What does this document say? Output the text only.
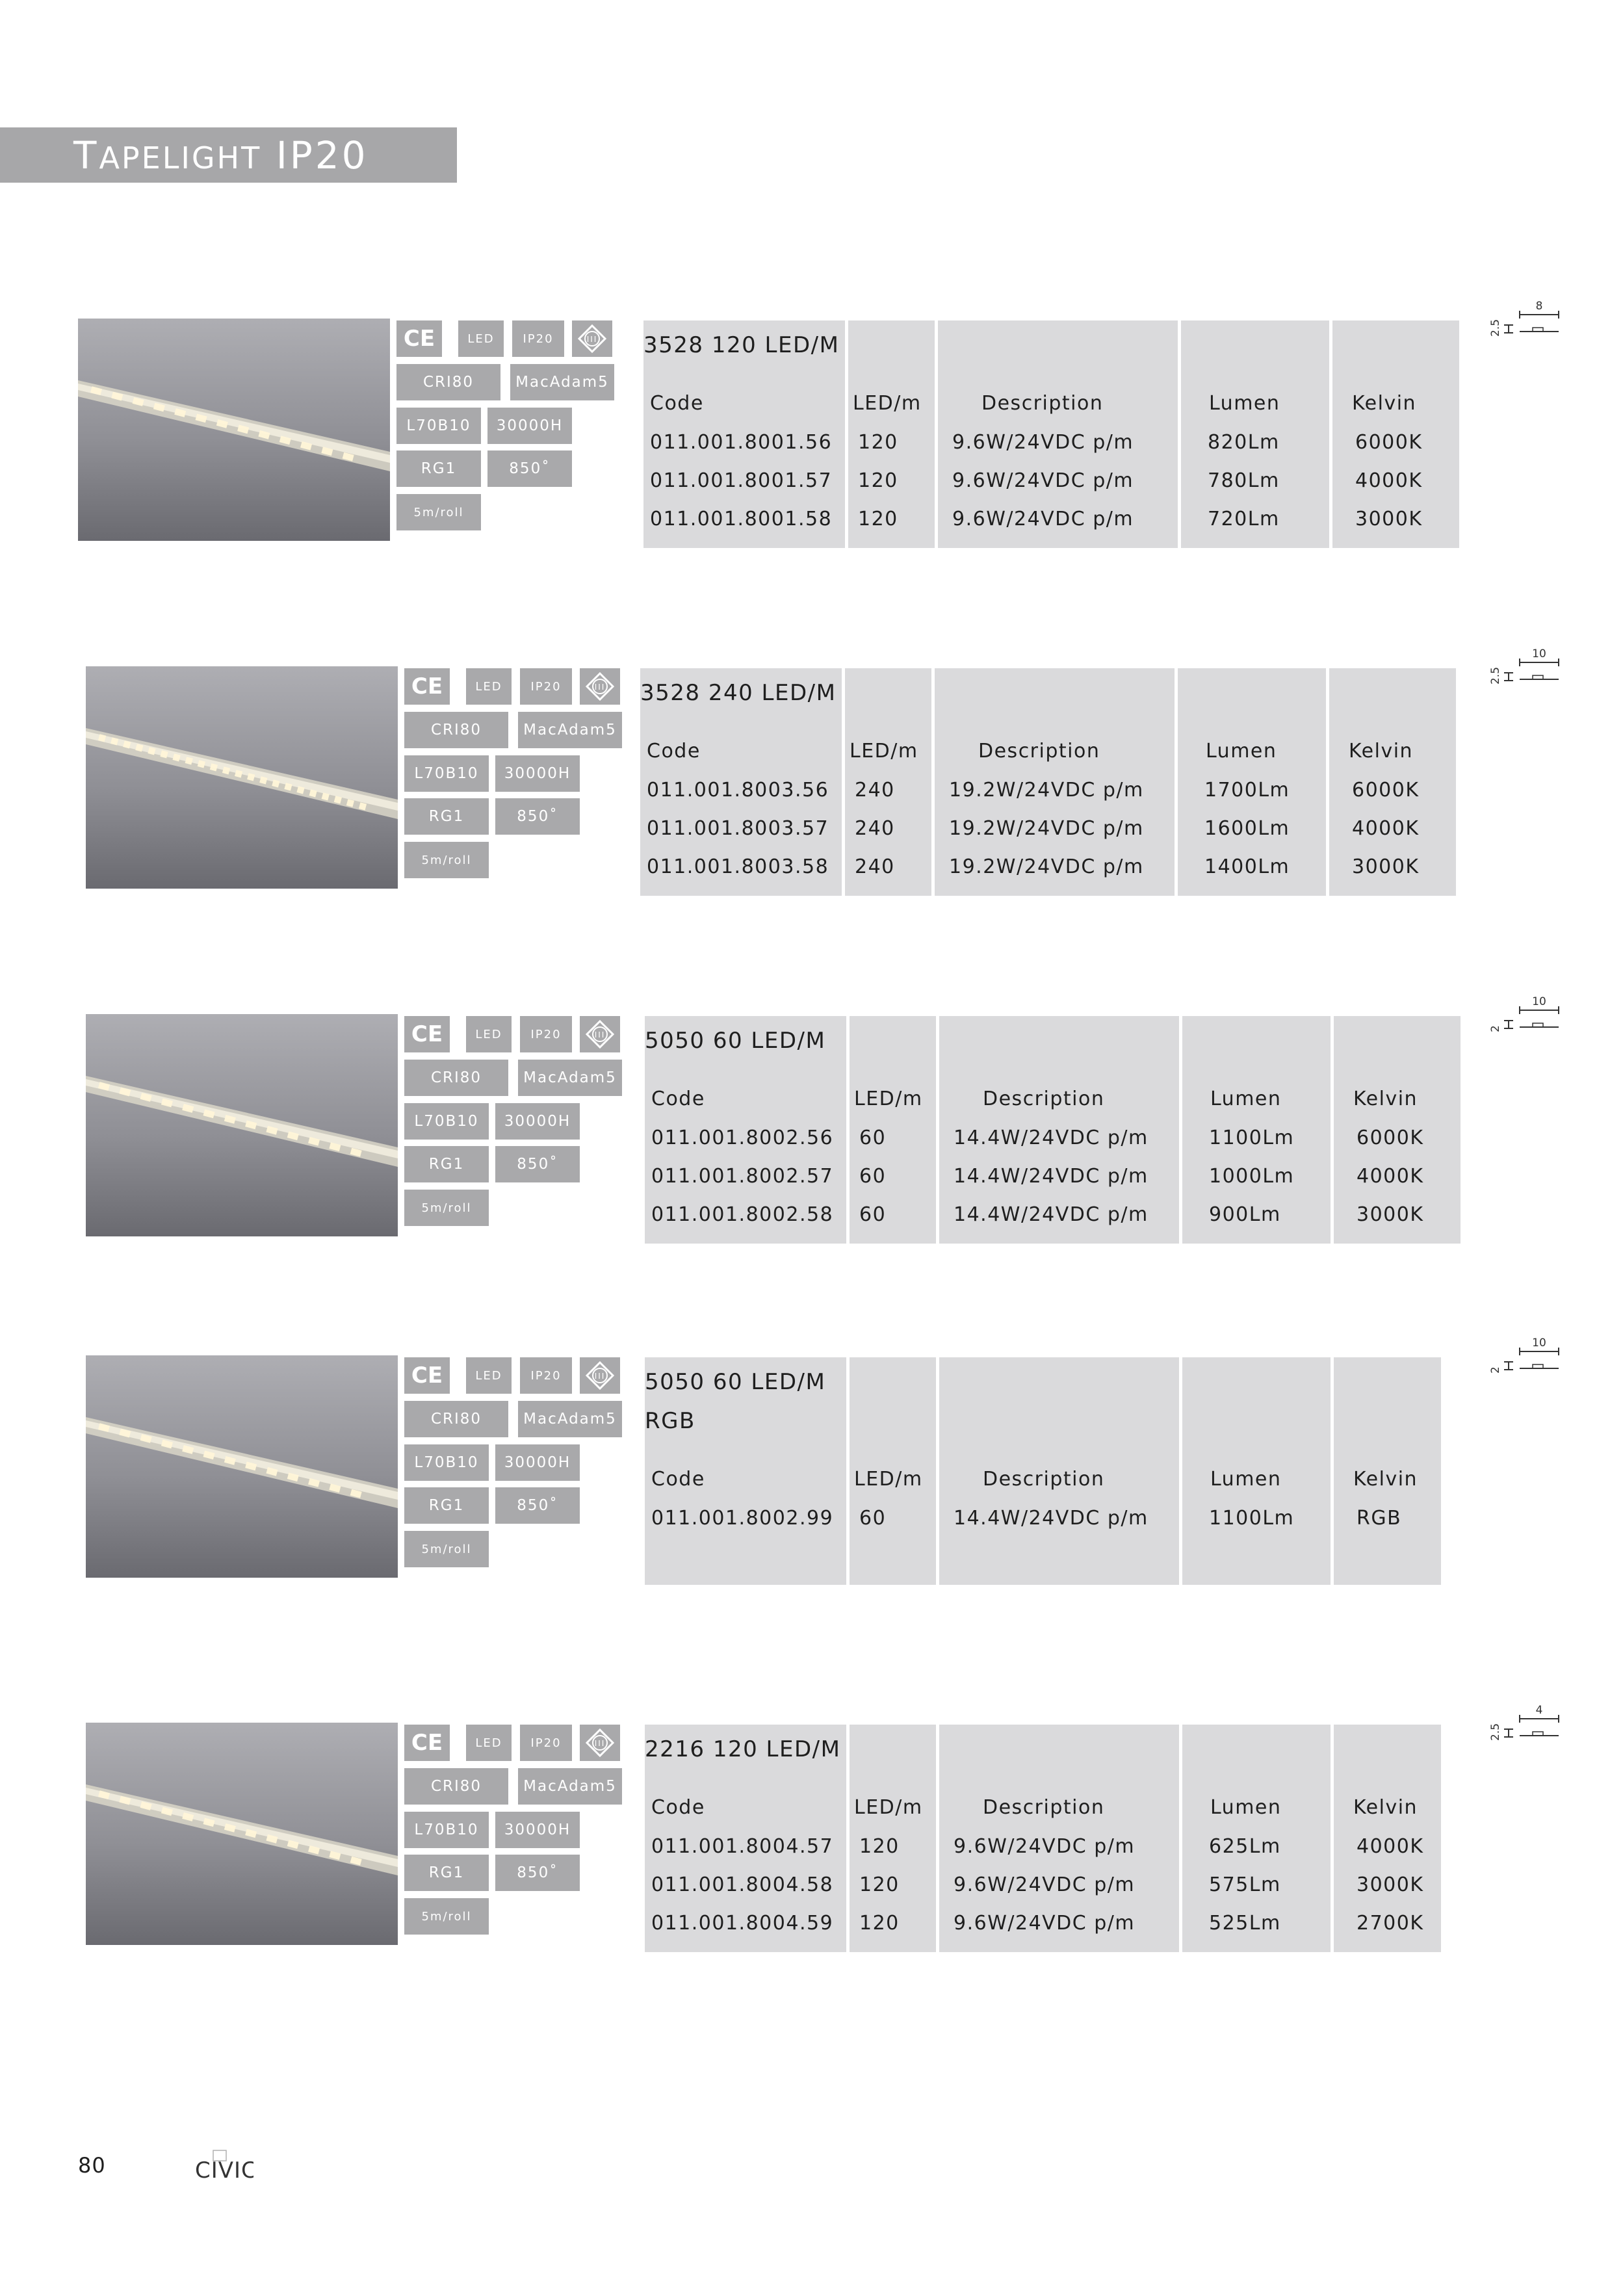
TAPELIGHT IP20
CE	LED	IP20	III
CRI80	MacAdam5
L70B10	30000H
RG1	850˚
5m/roll
3528 120 LED/M
Code	LED/m	Description	Lumen	Kelvin
011.001.8001.56 120	9.6W/24VDC p/m	820Lm	6000K
011.001.8001.57 120	9.6W/24VDC p/m	780Lm	4000K
011.001.8001.58 120	9.6W/24VDC p/m	720Lm	3000K
8
2.5
CE	LED	IP20	III
CRI80	MacAdam5
L70B10	30000H
RG1	850˚
5m/roll
3528 240 LED/M
Code	LED/m	Description	Lumen	Kelvin
011.001.8003.56 240	19.2W/24VDC p/m	1700Lm	6000K
011.001.8003.57 240	19.2W/24VDC p/m	1600Lm	4000K
011.001.8003.58 240	19.2W/24VDC p/m	1400Lm	3000K
10
2.5
CE	LED	IP20	III
CRI80	MacAdam5
L70B10	30000H
RG1	850˚
5m/roll
5050 60 LED/M
Code	LED/m	Description	Lumen	Kelvin
011.001.8002.56 60	14.4W/24VDC p/m	1100Lm	6000K
011.001.8002.57 60	14.4W/24VDC p/m	1000Lm	4000K
011.001.8002.58 60	14.4W/24VDC p/m	900Lm	3000K
10
2
CE	LED	IP20	III
CRI80	MacAdam5
L70B10	30000H
RG1	850˚
5m/roll
5050 60 LED/M
RGB
Code	LED/m	Description	Lumen	Kelvin
011.001.8002.99 60	14.4W/24VDC p/m	1100Lm	RGB
10
2
CE	LED	IP20	III
CRI80	MacAdam5
L70B10	30000H
RG1	850˚
5m/roll
2216 120 LED/M
Code	LED/m	Description	Lumen	Kelvin
011.001.8004.57 120	9.6W/24VDC p/m	625Lm	4000K
011.001.8004.58 120	9.6W/24VDC p/m	575Lm	3000K
011.001.8004.59 120	9.6W/24VDC p/m	525Lm	2700K
4
2.5
80	CIVIC
